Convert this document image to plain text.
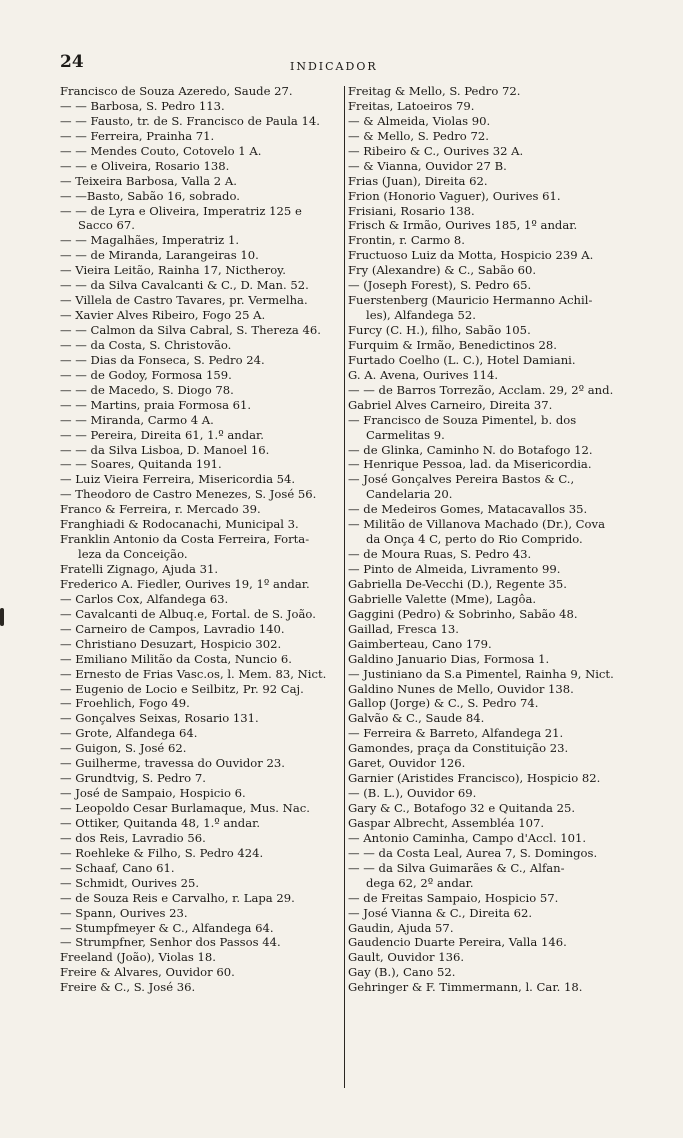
24	INDICADOR
Francisco de Souza Azeredo, Saude 27.
— — Barbosa, S. Pedro 113.
— — Fausto, tr. de S. Francisco de Paula 14.
— — Ferreira, Prainha 71.
— — Mendes Couto, Cotovelo 1 A.
— — e Oliveira, Rosario 138.
— Teixeira Barbosa, Valla 2 A.
— —Basto, Sabão 16, sobrado.
— — de Lyra e Oliveira, Imperatriz 125 e
Sacco 67.
— — Magalhães, Imperatriz 1.
— — de Miranda, Larangeiras 10.
— Vieira Leitão, Rainha 17, Nictheroy.
— — da Silva Cavalcanti & C., D. Man. 52.
— Villela de Castro Tavares, pr. Vermelha.
— Xavier Alves Ribeiro, Fogo 25 A.
— — Calmon da Silva Cabral, S. Thereza 46.
— — da Costa, S. Christovão.
— — Dias da Fonseca, S. Pedro 24.
— — de Godoy, Formosa 159.
— — de Macedo, S. Diogo 78.
— — Martins, praia Formosa 61.
— — Miranda, Carmo 4 A.
— — Pereira, Direita 61, 1.º andar.
— — da Silva Lisboa, D. Manoel 16.
— — Soares, Quitanda 191.
— Luiz Vieira Ferreira, Misericordia 54.
— Theodoro de Castro Menezes, S. José 56.
Franco & Ferreira, r. Mercado 39.
Franghiadi & Rodocanachi, Municipal 3.
Franklin Antonio da Costa Ferreira, Forta-
leza da Conceição.
Fratelli Zignago, Ajuda 31.
Frederico A. Fiedler, Ourives 19, 1º andar.
— Carlos Cox, Alfandega 63.
— Cavalcanti de Albuq.e, Fortal. de S. João.
— Carneiro de Campos, Lavradio 140.
— Christiano Desuzart, Hospicio 302.
— Emiliano Militão da Costa, Nuncio 6.
— Ernesto de Frias Vasc.os, l. Mem. 83, Nict.
— Eugenio de Locio e Seilbitz, Pr. 92 Caj.
— Froehlich, Fogo 49.
— Gonçalves Seixas, Rosario 131.
— Grote, Alfandega 64.
— Guigon, S. José 62.
— Guilherme, travessa do Ouvidor 23.
— Grundtvig, S. Pedro 7.
— José de Sampaio, Hospicio 6.
— Leopoldo Cesar Burlamaque, Mus. Nac.
— Ottiker, Quitanda 48, 1.º andar.
— dos Reis, Lavradio 56.
— Roehleke & Filho, S. Pedro 424.
— Schaaf, Cano 61.
— Schmidt, Ourives 25.
— de Souza Reis e Carvalho, r. Lapa 29.
— Spann, Ourives 23.
— Stumpfmeyer & C., Alfandega 64.
— Strumpfner, Senhor dos Passos 44.
Freeland (João), Violas 18.
Freire & Alvares, Ouvidor 60.
Freire & C., S. José 36.
Freitag & Mello, S. Pedro 72.
Freitas, Latoeiros 79.
— & Almeida, Violas 90.
— & Mello, S. Pedro 72.
— Ribeiro & C., Ourives 32 A.
— & Vianna, Ouvidor 27 B.
Frias (Juan), Direita 62.
Frion (Honorio Vaguer), Ourives 61.
Frisiani, Rosario 138.
Frisch & Irmão, Ourives 185, 1º andar.
Frontin, r. Carmo 8.
Fructuoso Luiz da Motta, Hospicio 239 A.
Fry (Alexandre) & C., Sabão 60.
— (Joseph Forest), S. Pedro 65.
Fuerstenberg (Mauricio Hermanno Achil-
les), Alfandega 52.
Furcy (C. H.), filho, Sabão 105.
Furquim & Irmão, Benedictinos 28.
Furtado Coelho (L. C.), Hotel Damiani.
G. A. Avena, Ourives 114.
— — de Barros Torrezão, Acclam. 29, 2º and.
Gabriel Alves Carneiro, Direita 37.
— Francisco de Souza Pimentel, b. dos
Carmelitas 9.
— de Glinka, Caminho N. do Botafogo 12.
— Henrique Pessoa, lad. da Misericordia.
— José Gonçalves Pereira Bastos & C.,
Candelaria 20.
— de Medeiros Gomes, Matacavallos 35.
— Militão de Villanova Machado (Dr.), Cova
da Onça 4 C, perto do Rio Comprido.
— de Moura Ruas, S. Pedro 43.
— Pinto de Almeida, Livramento 99.
Gabriella De-Vecchi (D.), Regente 35.
Gabrielle Valette (Mme), Lagôa.
Gaggini (Pedro) & Sobrinho, Sabão 48.
Gaillad, Fresca 13.
Gaimberteau, Cano 179.
Galdino Januario Dias, Formosa 1.
— Justiniano da S.a Pimentel, Rainha 9, Nict.
Galdino Nunes de Mello, Ouvidor 138.
Gallop (Jorge) & C., S. Pedro 74.
Galvão & C., Saude 84.
— Ferreira & Barreto, Alfandega 21.
Gamondes, praça da Constituição 23.
Garet, Ouvidor 126.
Garnier (Aristides Francisco), Hospicio 82.
— (B. L.), Ouvidor 69.
Gary & C., Botafogo 32 e Quitanda 25.
Gaspar Albrecht, Assembléa 107.
— Antonio Caminha, Campo d'Accl. 101.
— — da Costa Leal, Aurea 7, S. Domingos.
— — da Silva Guimarães & C., Alfan-
dega 62, 2º andar.
— de Freitas Sampaio, Hospicio 57.
— José Vianna & C., Direita 62.
Gaudin, Ajuda 57.
Gaudencio Duarte Pereira, Valla 146.
Gault, Ouvidor 136.
Gay (B.), Cano 52.
Gehringer & F. Timmermann, l. Car. 18.
